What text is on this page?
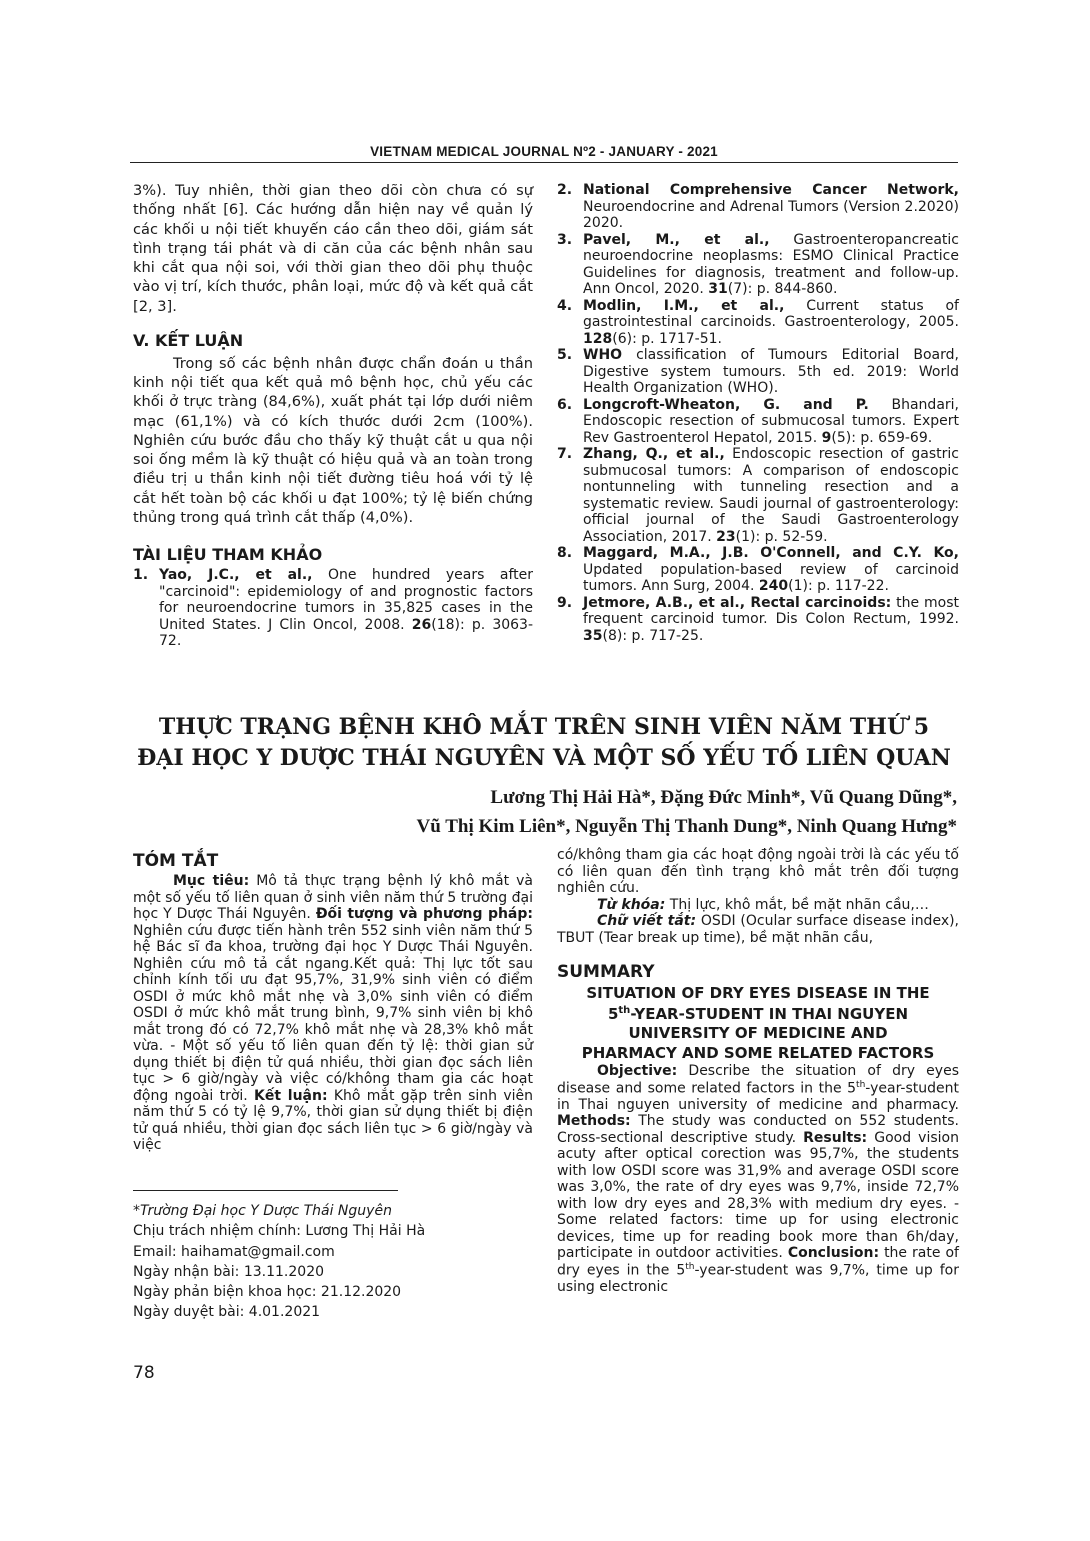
VIETNAM MEDICAL JOURNAL Nº2 - JANUARY - 2021

3%). Tuy nhiên, thời gian theo dõi còn chưa có sự thống nhất [6]. Các hướng dẫn hiện nay về quản lý các khối u nội tiết khuyến cáo cần theo dõi, giám sát tình trạng tái phát và di căn của các bệnh nhân sau khi cắt qua nội soi, với thời gian theo dõi phụ thuộc vào vị trí, kích thước, phân loại, mức độ và kết quả cắt [2, 3].

V. KẾT LUẬN

Trong số các bệnh nhân được chẩn đoán u thần kinh nội tiết qua kết quả mô bệnh học, chủ yếu các khối ở trực tràng (84,6%), xuất phát tại lớp dưới niêm mạc (61,1%) và có kích thước dưới 2cm (100%). Nghiên cứu bước đầu cho thấy kỹ thuật cắt u qua nội soi ống mềm là kỹ thuật có hiệu quả và an toàn trong điều trị u thần kinh nội tiết đường tiêu hoá với tỷ lệ cắt hết toàn bộ các khối u đạt 100%; tỷ lệ biến chứng thủng trong quá trình cắt thấp (4,0%).

TÀI LIỆU THAM KHẢO

1. Yao, J.C., et al., One hundred years after "carcinoid": epidemiology of and prognostic factors for neuroendocrine tumors in 35,825 cases in the United States. J Clin Oncol, 2008. 26(18): p. 3063-72.
2. National Comprehensive Cancer Network, Neuroendocrine and Adrenal Tumors (Version 2.2020) 2020.
3. Pavel, M., et al., Gastroenteropancreatic neuroendocrine neoplasms: ESMO Clinical Practice Guidelines for diagnosis, treatment and follow-up. Ann Oncol, 2020. 31(7): p. 844-860.
4. Modlin, I.M., et al., Current status of gastrointestinal carcinoids. Gastroenterology, 2005. 128(6): p. 1717-51.
5. WHO classification of Tumours Editorial Board, Digestive system tumours. 5th ed. 2019: World Health Organization (WHO).
6. Longcroft-Wheaton, G. and P. Bhandari, Endoscopic resection of submucosal tumors. Expert Rev Gastroenterol Hepatol, 2015. 9(5): p. 659-69.
7. Zhang, Q., et al., Endoscopic resection of gastric submucosal tumors: A comparison of endoscopic nontunneling with tunneling resection and a systematic review. Saudi journal of gastroenterology: official journal of the Saudi Gastroenterology Association, 2017. 23(1): p. 52-59.
8. Maggard, M.A., J.B. O'Connell, and C.Y. Ko, Updated population-based review of carcinoid tumors. Ann Surg, 2004. 240(1): p. 117-22.
9. Jetmore, A.B., et al., Rectal carcinoids: the most frequent carcinoid tumor. Dis Colon Rectum, 1992. 35(8): p. 717-25.
THỰC TRẠNG BỆNH KHÔ MẮT TRÊN SINH VIÊN NĂM THỨ 5
ĐẠI HỌC Y DƯỢC THÁI NGUYÊN VÀ MỘT SỐ YẾU TỐ LIÊN QUAN
Lương Thị Hải Hà*, Đặng Đức Minh*, Vũ Quang Dũng*,
Vũ Thị Kim Liên*, Nguyễn Thị Thanh Dung*, Ninh Quang Hưng*

TÓM TẮT

Mục tiêu: Mô tả thực trạng bệnh lý khô mắt và một số yếu tố liên quan ở sinh viên năm thứ 5 trường đại học Y Dược Thái Nguyên. Đối tượng và phương pháp: Nghiên cứu được tiến hành trên 552 sinh viên năm thứ 5 hệ Bác sĩ đa khoa, trường đại học Y Dược Thái Nguyên. Nghiên cứu mô tả cắt ngang.Kết quả: Thị lực tốt sau chỉnh kính tối ưu đạt 95,7%, 31,9% sinh viên có điểm OSDI ở mức khô mắt nhẹ và 3,0% sinh viên có điểm OSDI ở mức khô mắt trung bình, 9,7% sinh viên bị khô mắt trong đó có 72,7% khô mắt nhẹ và 28,3% khô mắt vừa. - Một số yếu tố liên quan đến tỷ lệ: thời gian sử dụng thiết bị điện tử quá nhiều, thời gian đọc sách liên tục > 6 giờ/ngày và việc có/không tham gia các hoạt động ngoài trời. Kết luận: Khô mắt gặp trên sinh viên năm thứ 5 có tỷ lệ 9,7%, thời gian sử dụng thiết bị điện tử quá nhiều, thời gian đọc sách liên tục > 6 giờ/ngày và việc

có/không tham gia các hoạt động ngoài trời là các yếu tố có liên quan đến tình trạng khô mắt trên đối tượng nghiên cứu.

Từ khóa: Thị lực, khô mắt, bề mặt nhãn cầu,…

Chữ viết tắt: OSDI (Ocular surface disease index), TBUT (Tear break up time), bề mặt nhãn cầu,

SUMMARY

SITUATION OF DRY EYES DISEASE IN THE
5th-YEAR-STUDENT IN THAI NGUYEN
UNIVERSITY OF MEDICINE AND
PHARMACY AND SOME RELATED FACTORS

Objective: Describe the situation of dry eyes disease and some related factors in the 5th-year-student in Thai nguyen university of medicine and pharmacy. Methods: The study was conducted on 552 students. Cross-sectional descriptive study. Results: Good vision acuty after optical corection was 95,7%, the students with low OSDI score was 31,9% and average OSDI score was 3,0%, the rate of dry eyes was 9,7%, inside 72,7% with low dry eyes and 28,3% with medium dry eyes. - Some related factors: time up for using electronic devices, time up for reading book more than 6h/day, participate in outdoor activities. Conclusion: the rate of dry eyes in the 5th-year-student was 9,7%, time up for using electronic

*Trường Đại học Y Dược Thái Nguyên
Chịu trách nhiệm chính: Lương Thị Hải Hà
Email: haihamat@gmail.com
Ngày nhận bài: 13.11.2020
Ngày phản biện khoa học: 21.12.2020
Ngày duyệt bài: 4.01.2021
78
